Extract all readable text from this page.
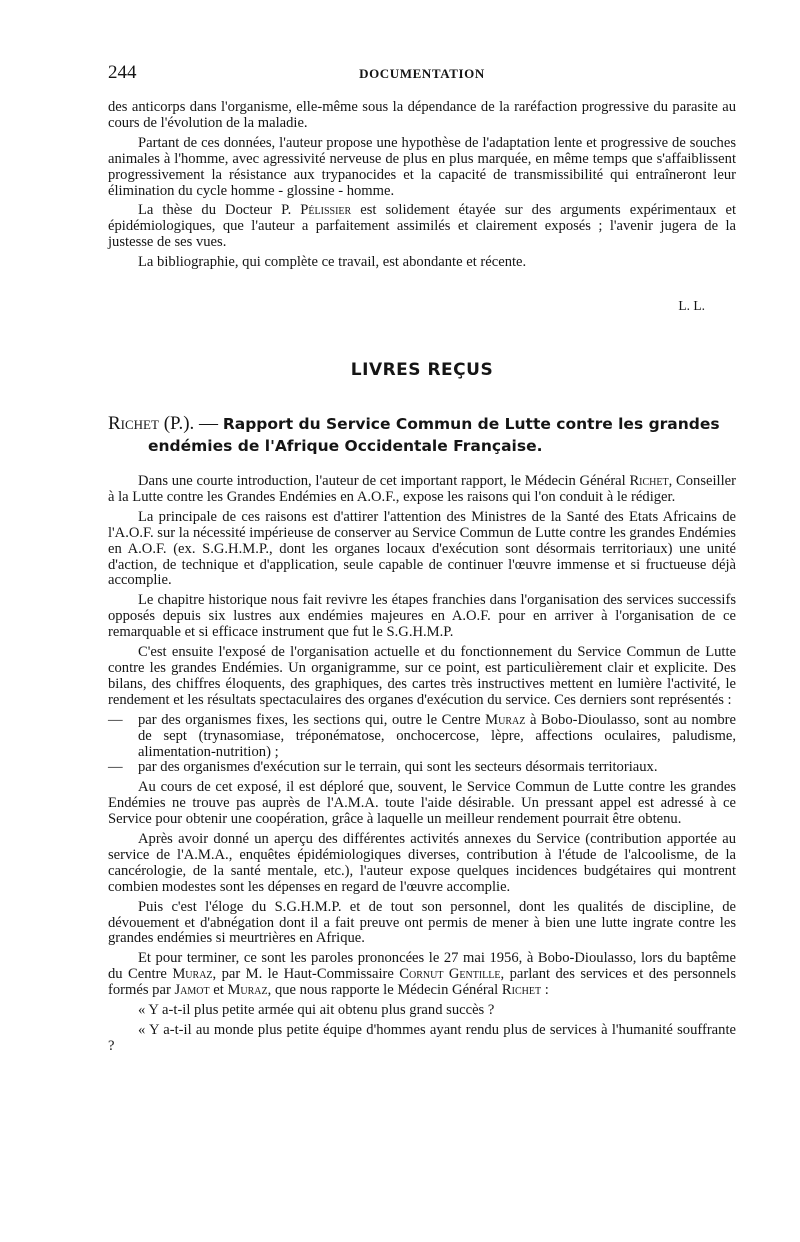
244	DOCUMENTATION

des anticorps dans l'organisme, elle-même sous la dépendance de la raréfaction progressive du parasite au cours de l'évolution de la maladie.

Partant de ces données, l'auteur propose une hypothèse de l'adaptation lente et progressive de souches animales à l'homme, avec agressivité nerveuse de plus en plus marquée, en même temps que s'affaiblissent progressivement la résistance aux trypanocides et la capacité de transmissibilité qui entraîneront leur élimination du cycle homme - glossine - homme.

La thèse du Docteur P. Pélissier est solidement étayée sur des arguments expérimentaux et épidémiologiques, que l'auteur a parfaitement assimilés et clairement exposés ; l'avenir jugera de la justesse de ses vues.

La bibliographie, qui complète ce travail, est abondante et récente.

L. L.
LIVRES REÇUS
Richet (P.). — Rapport du Service Commun de Lutte contre les grandes
endémies de l'Afrique Occidentale Française.

Dans une courte introduction, l'auteur de cet important rapport, le Médecin Général Richet, Conseiller à la Lutte contre les Grandes Endémies en A.O.F., expose les raisons qui l'on conduit à le rédiger.

La principale de ces raisons est d'attirer l'attention des Ministres de la Santé des Etats Africains de l'A.O.F. sur la nécessité impérieuse de conserver au Service Commun de Lutte contre les grandes Endémies en A.O.F. (ex. S.G.H.M.P., dont les organes locaux d'exécution sont désormais territoriaux) une unité d'action, de technique et d'application, seule capable de continuer l'œuvre immense et si fructueuse déjà accomplie.

Le chapitre historique nous fait revivre les étapes franchies dans l'organisation des services successifs opposés depuis six lustres aux endémies majeures en A.O.F. pour en arriver à l'organisation de ce remarquable et si efficace instrument que fut le S.G.H.M.P.

C'est ensuite l'exposé de l'organisation actuelle et du fonctionnement du Service Commun de Lutte contre les grandes Endémies. Un organigramme, sur ce point, est particulièrement clair et explicite. Des bilans, des chiffres éloquents, des graphiques, des cartes très instructives mettent en lumière l'activité, le rendement et les résultats spectaculaires des organes d'exécution du service. Ces derniers sont représentés :

— par des organismes fixes, les sections qui, outre le Centre Muraz à Bobo-Dioulasso, sont au nombre de sept (trynasomiase, tréponématose, onchocercose, lèpre, affections oculaires, paludisme, alimentation-nutrition) ;
— par des organismes d'exécution sur le terrain, qui sont les secteurs désormais territoriaux.

Au cours de cet exposé, il est déploré que, souvent, le Service Commun de Lutte contre les grandes Endémies ne trouve pas auprès de l'A.M.A. toute l'aide désirable. Un pressant appel est adressé à ce Service pour obtenir une coopération, grâce à laquelle un meilleur rendement pourrait être obtenu.

Après avoir donné un aperçu des différentes activités annexes du Service (contribution apportée au service de l'A.M.A., enquêtes épidémiologiques diverses, contribution à l'étude de l'alcoolisme, de la cancérologie, de la santé mentale, etc.), l'auteur expose quelques incidences budgétaires qui montrent combien modestes sont les dépenses en regard de l'œuvre accomplie.

Puis c'est l'éloge du S.G.H.M.P. et de tout son personnel, dont les qualités de discipline, de dévouement et d'abnégation dont il a fait preuve ont permis de mener à bien une lutte ingrate contre les grandes endémies si meurtrières en Afrique.

Et pour terminer, ce sont les paroles prononcées le 27 mai 1956, à Bobo-Dioulasso, lors du baptême du Centre Muraz, par M. le Haut-Commissaire Cornut Gentille, parlant des services et des personnels formés par Jamot et Muraz, que nous rapporte le Médecin Général Richet :

« Y a-t-il plus petite armée qui ait obtenu plus grand succès ?

« Y a-t-il au monde plus petite équipe d'hommes ayant rendu plus de services à l'humanité souffrante ?
